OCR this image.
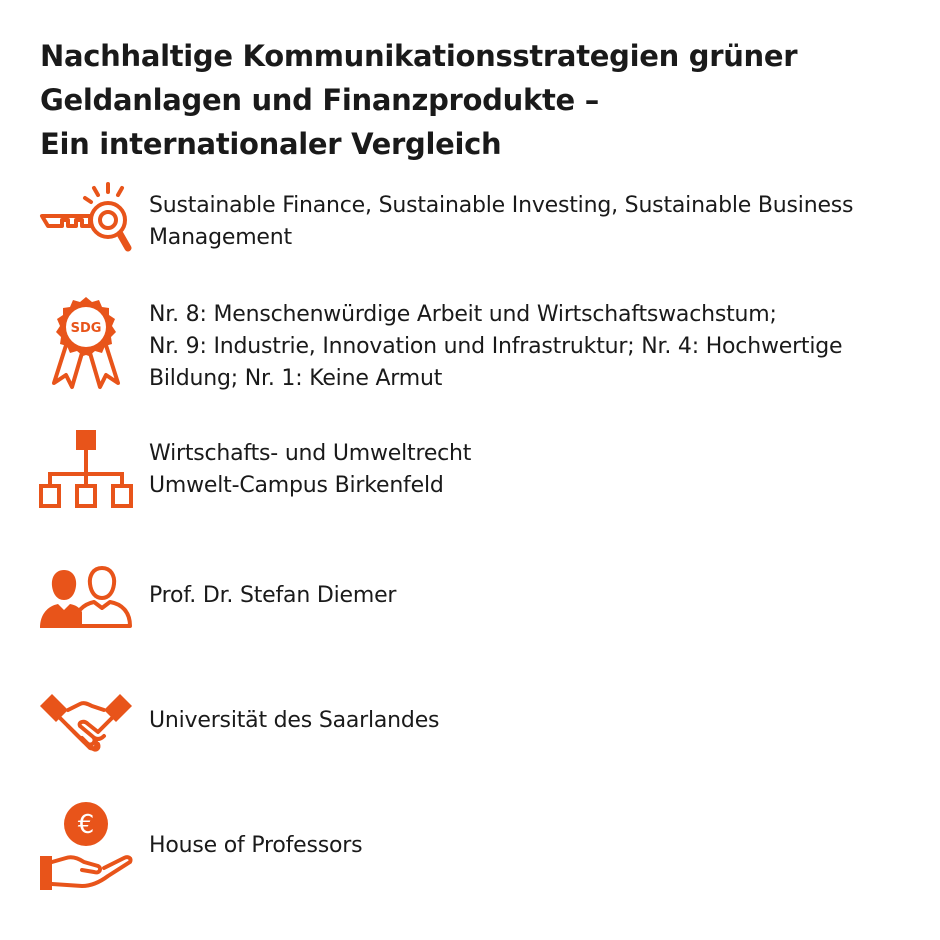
Nachhaltige Kommunikationsstrategien grüner
Geldanlagen und Finanzprodukte –
Ein internationaler Vergleich
Sustainable Finance, Sustainable Investing, Sustainable Business
Management
SDG
Nr. 8: Menschenwürdige Arbeit und Wirtschaftswachstum;
Nr. 9: Industrie, Innovation und Infrastruktur; Nr. 4: Hochwertige
Bildung; Nr. 1: Keine Armut
Wirtschafts- und Umweltrecht
Umwelt-Campus Birkenfeld
Prof. Dr. Stefan Diemer
Universität des Saarlandes
€
House of Professors
